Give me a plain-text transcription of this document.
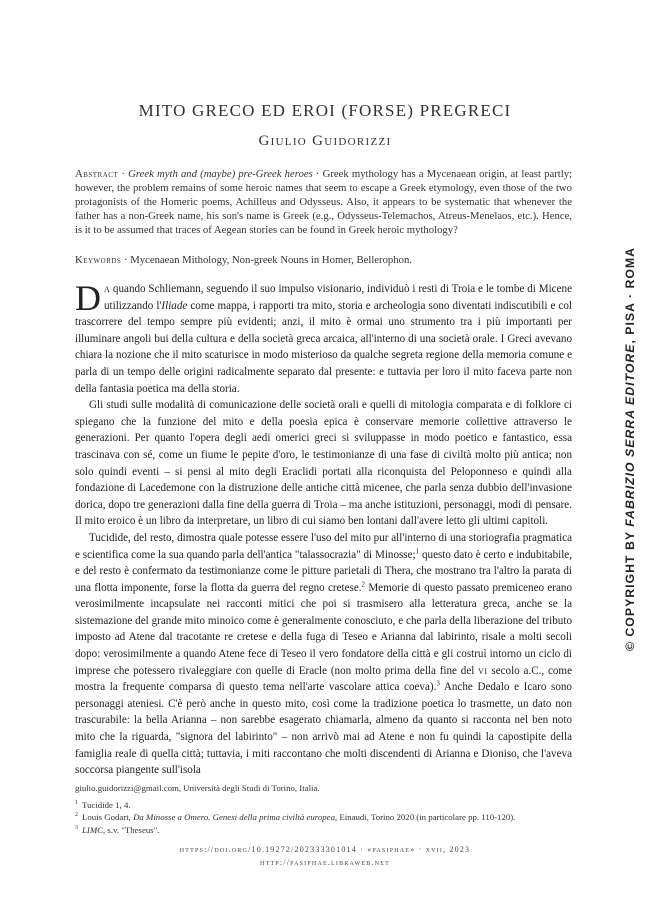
MITO GRECO ED EROI (FORSE) PREGRECI
Giulio Guidorizzi
Abstract · Greek myth and (maybe) pre-Greek heroes · Greek mythology has a Mycenaean origin, at least partly; however, the problem remains of some heroic names that seem to escape a Greek etymology, even those of the two protagonists of the Homeric poems, Achilleus and Odysseus. Also, it appears to be systematic that whenever the father has a non-Greek name, his son's name is Greek (e.g., Odysseus-Telemachos, Atreus-Menelaos, etc.). Hence, is it to be assumed that traces of Aegean stories can be found in Greek heroic mythology?
Keywords · Mycenaean Mithology, Non-greek Nouns in Homer, Bellerophon.

Da quando Schliemann, seguendo il suo impulso visionario, individuò i resti di Troia e le tombe di Micene utilizzando l'Iliade come mappa, i rapporti tra mito, storia e archeologia sono diventati indiscutibili e col trascorrere del tempo sempre più evidenti; anzi, il mito è ormai uno strumento tra i più importanti per illuminare angoli bui della cultura e della società greca arcaica, all'interno di una società orale. I Greci avevano chiara la nozione che il mito scaturisce in modo misterioso da qualche segreta regione della memoria comune e parla di un tempo delle origini radicalmente separato dal presente: e tuttavia per loro il mito faceva parte non della fantasia poetica ma della storia.

Gli studi sulle modalità di comunicazione delle società orali e quelli di mitologia comparata e di folklore ci spiegano che la funzione del mito e della poesia epica è conservare memorie collettive attraverso le generazioni. Per quanto l'opera degli aedi omerici greci si sviluppasse in modo poetico e fantastico, essa trascinava con sé, come un fiume le pepite d'oro, le testimonianze di una fase di civiltà molto più antica; non solo quindi eventi – si pensi al mito degli Eraclidi portati alla riconquista del Peloponneso e quindi alla fondazione di Lacedemone con la distruzione delle antiche città micenee, che parla senza dubbio dell'invasione dorica, dopo tre generazioni dalla fine della guerra di Troia – ma anche istituzioni, personaggi, modi di pensare. Il mito eroico è un libro da interpretare, un libro di cui siamo ben lontani dall'avere letto gli ultimi capitoli.

Tucidide, del resto, dimostra quale potesse essere l'uso del mito pur all'interno di una storiografia pragmatica e scientifica come la sua quando parla dell'antica "talassocrazia" di Minosse;$^1$ questo dato è certo e indubitabile, e del resto è confermato da testimonianze come le pitture parietali di Thera, che mostrano tra l'altro la parata di una flotta imponente, forse la flotta da guerra del regno cretese.$^2$ Memorie di questo passato premiceneo erano verosimilmente incapsulate nei racconti mitici che poi si trasmisero alla letteratura greca, anche se la sistemazione del grande mito minoico come è generalmente conosciuto, e che parla della liberazione del tributo imposto ad Atene dal tracotante re cretese e della fuga di Teseo e Arianna dal labirinto, risale a molti secoli dopo: verosimilmente a quando Atene fece di Teseo il vero fondatore della città e gli costruì intorno un ciclo di imprese che potessero rivaleggiare con quelle di Eracle (non molto prima della fine del vi secolo a.C., come mostra la frequente comparsa di questo tema nell'arte vascolare attica coeva).$^3$ Anche Dedalo e Icaro sono personaggi ateniesi. C'è però anche in questo mito, così come la tradizione poetica lo trasmette, un dato non trascurabile: la bella Arianna – non sarebbe esagerato chiamarla, almeno da quanto si racconta nel ben noto mito che la riguarda, "signora del labirinto" – non arrivò mai ad Atene e non fu quindi la capostipite della famiglia reale di quella città; tuttavia, i miti raccontano che molti discendenti di Arianna e Dioniso, che l'aveva soccorsa piangente sull'isola

giulio.guidorizzi@gmail.com, Università degli Studi di Torino, Italia.
$^1$ Tucidide 1, 4.
$^2$ Louis Godart, Da Minosse a Omero. Genesi della prima civiltà europea, Einaudi, Torino 2020 (in particolare pp. 110-120).
$^3$ LIMC, s.v. "Theseus".
https://doi.org/10.19272/202333301014 · «pasiphae» · xvii, 2023
http://pasiphae.libraweb.net
© COPYRIGHT BY FABRIZIO SERRA EDITORE, PISA · ROMA
